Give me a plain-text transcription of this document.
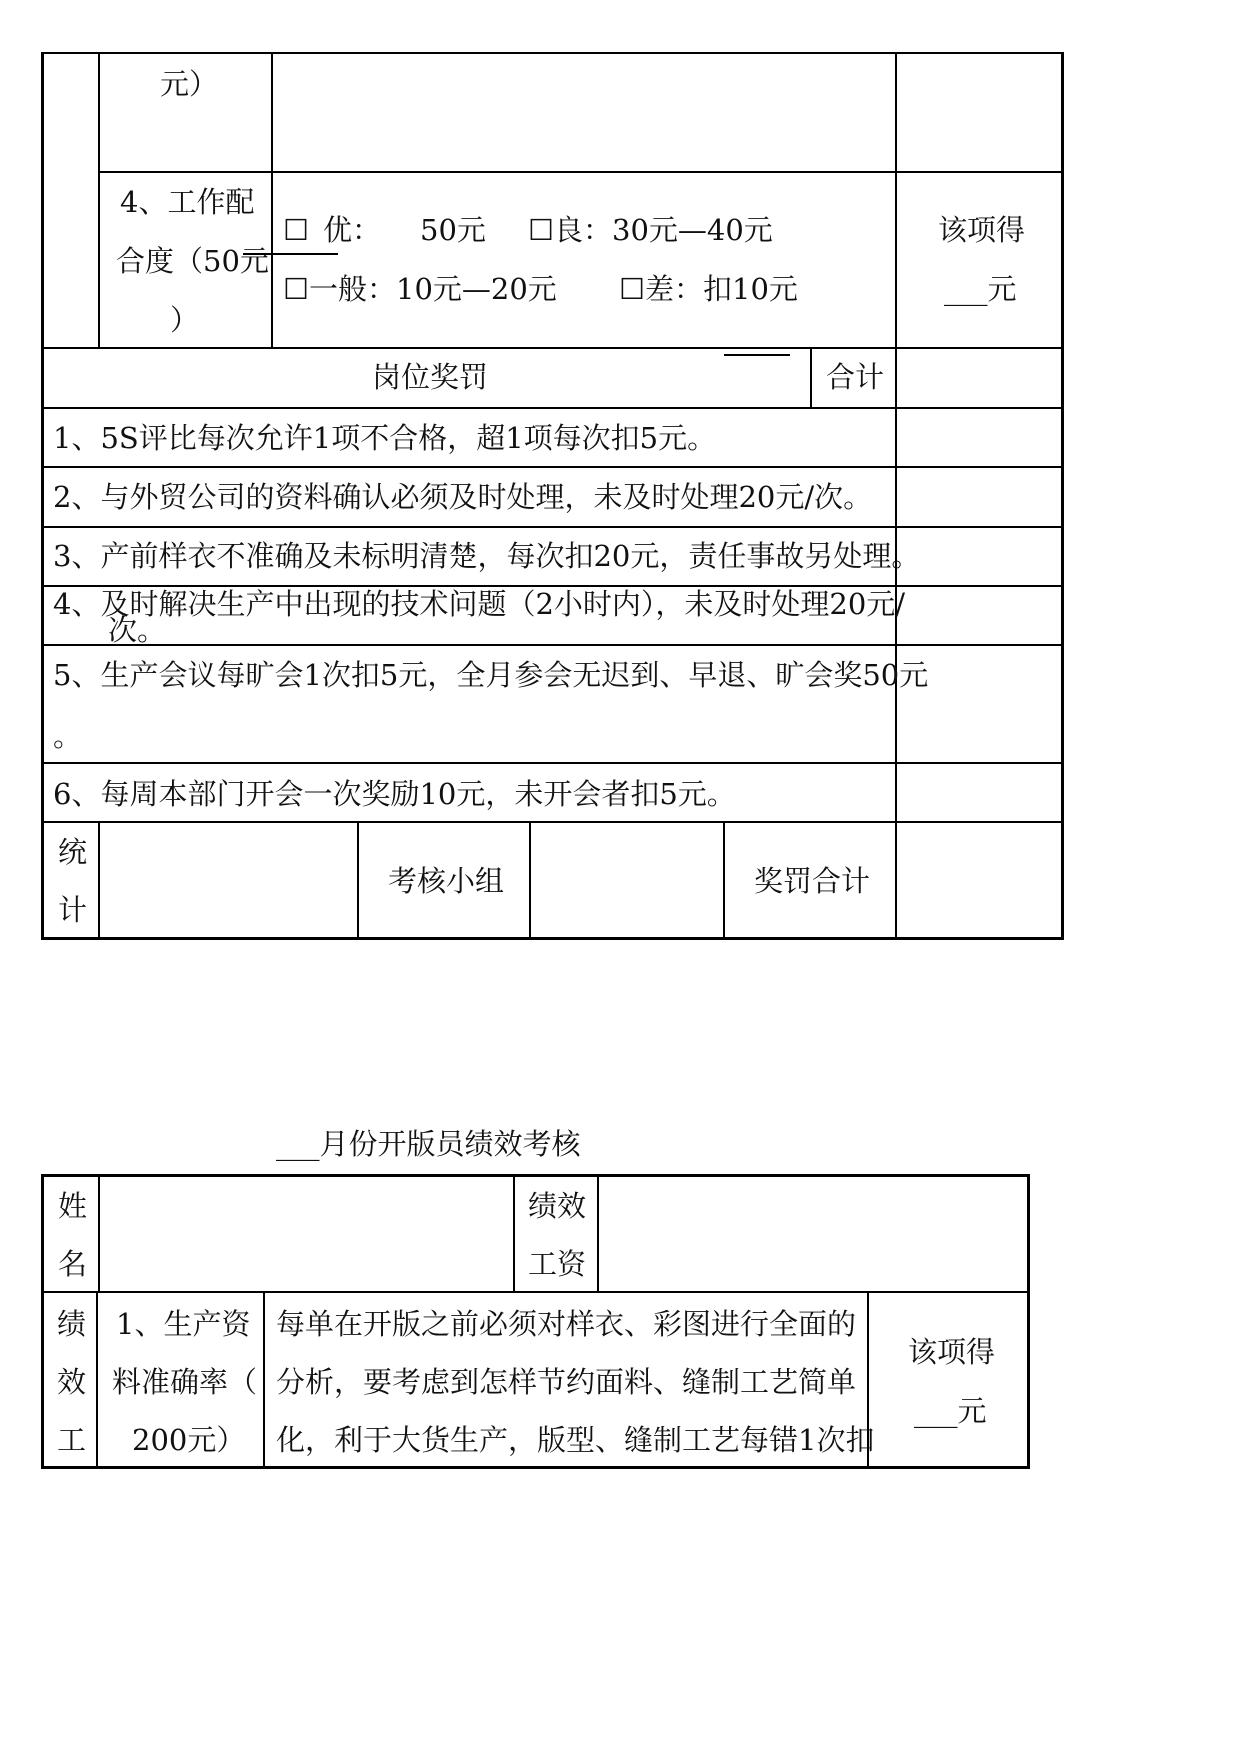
元）
4、工作配
合度（50元
）
☐ 优： 50元 ☐良：30元—40元
☐一般：10元—20元 ☐差：扣10元
该项得
___元
岗位奖罚	合计
1、5S评比每次允许1项不合格，超1项每次扣5元。
2、与外贸公司的资料确认必须及时处理，未及时处理20元/次。
3、产前样衣不准确及未标明清楚，每次扣20元，责任事故另处理。
4、及时解决生产中出现的技术问题（2小时内），未及时处理20元/
次。
5、生产会议每旷会1次扣5元，全月参会无迟到、早退、旷会奖50元
。
6、每周本部门开会一次奖励10元，未开会者扣5元。
统
计
考核小组	奖罚合计
___月份开版员绩效考核
姓
名
绩效
工资
绩
效
工
1、生产资
料准确率（
200元）
每单在开版之前必须对样衣、彩图进行全面的
分析，要考虑到怎样节约面料、缝制工艺简单
化，利于大货生产，版型、缝制工艺每错1次扣
该项得
___元
